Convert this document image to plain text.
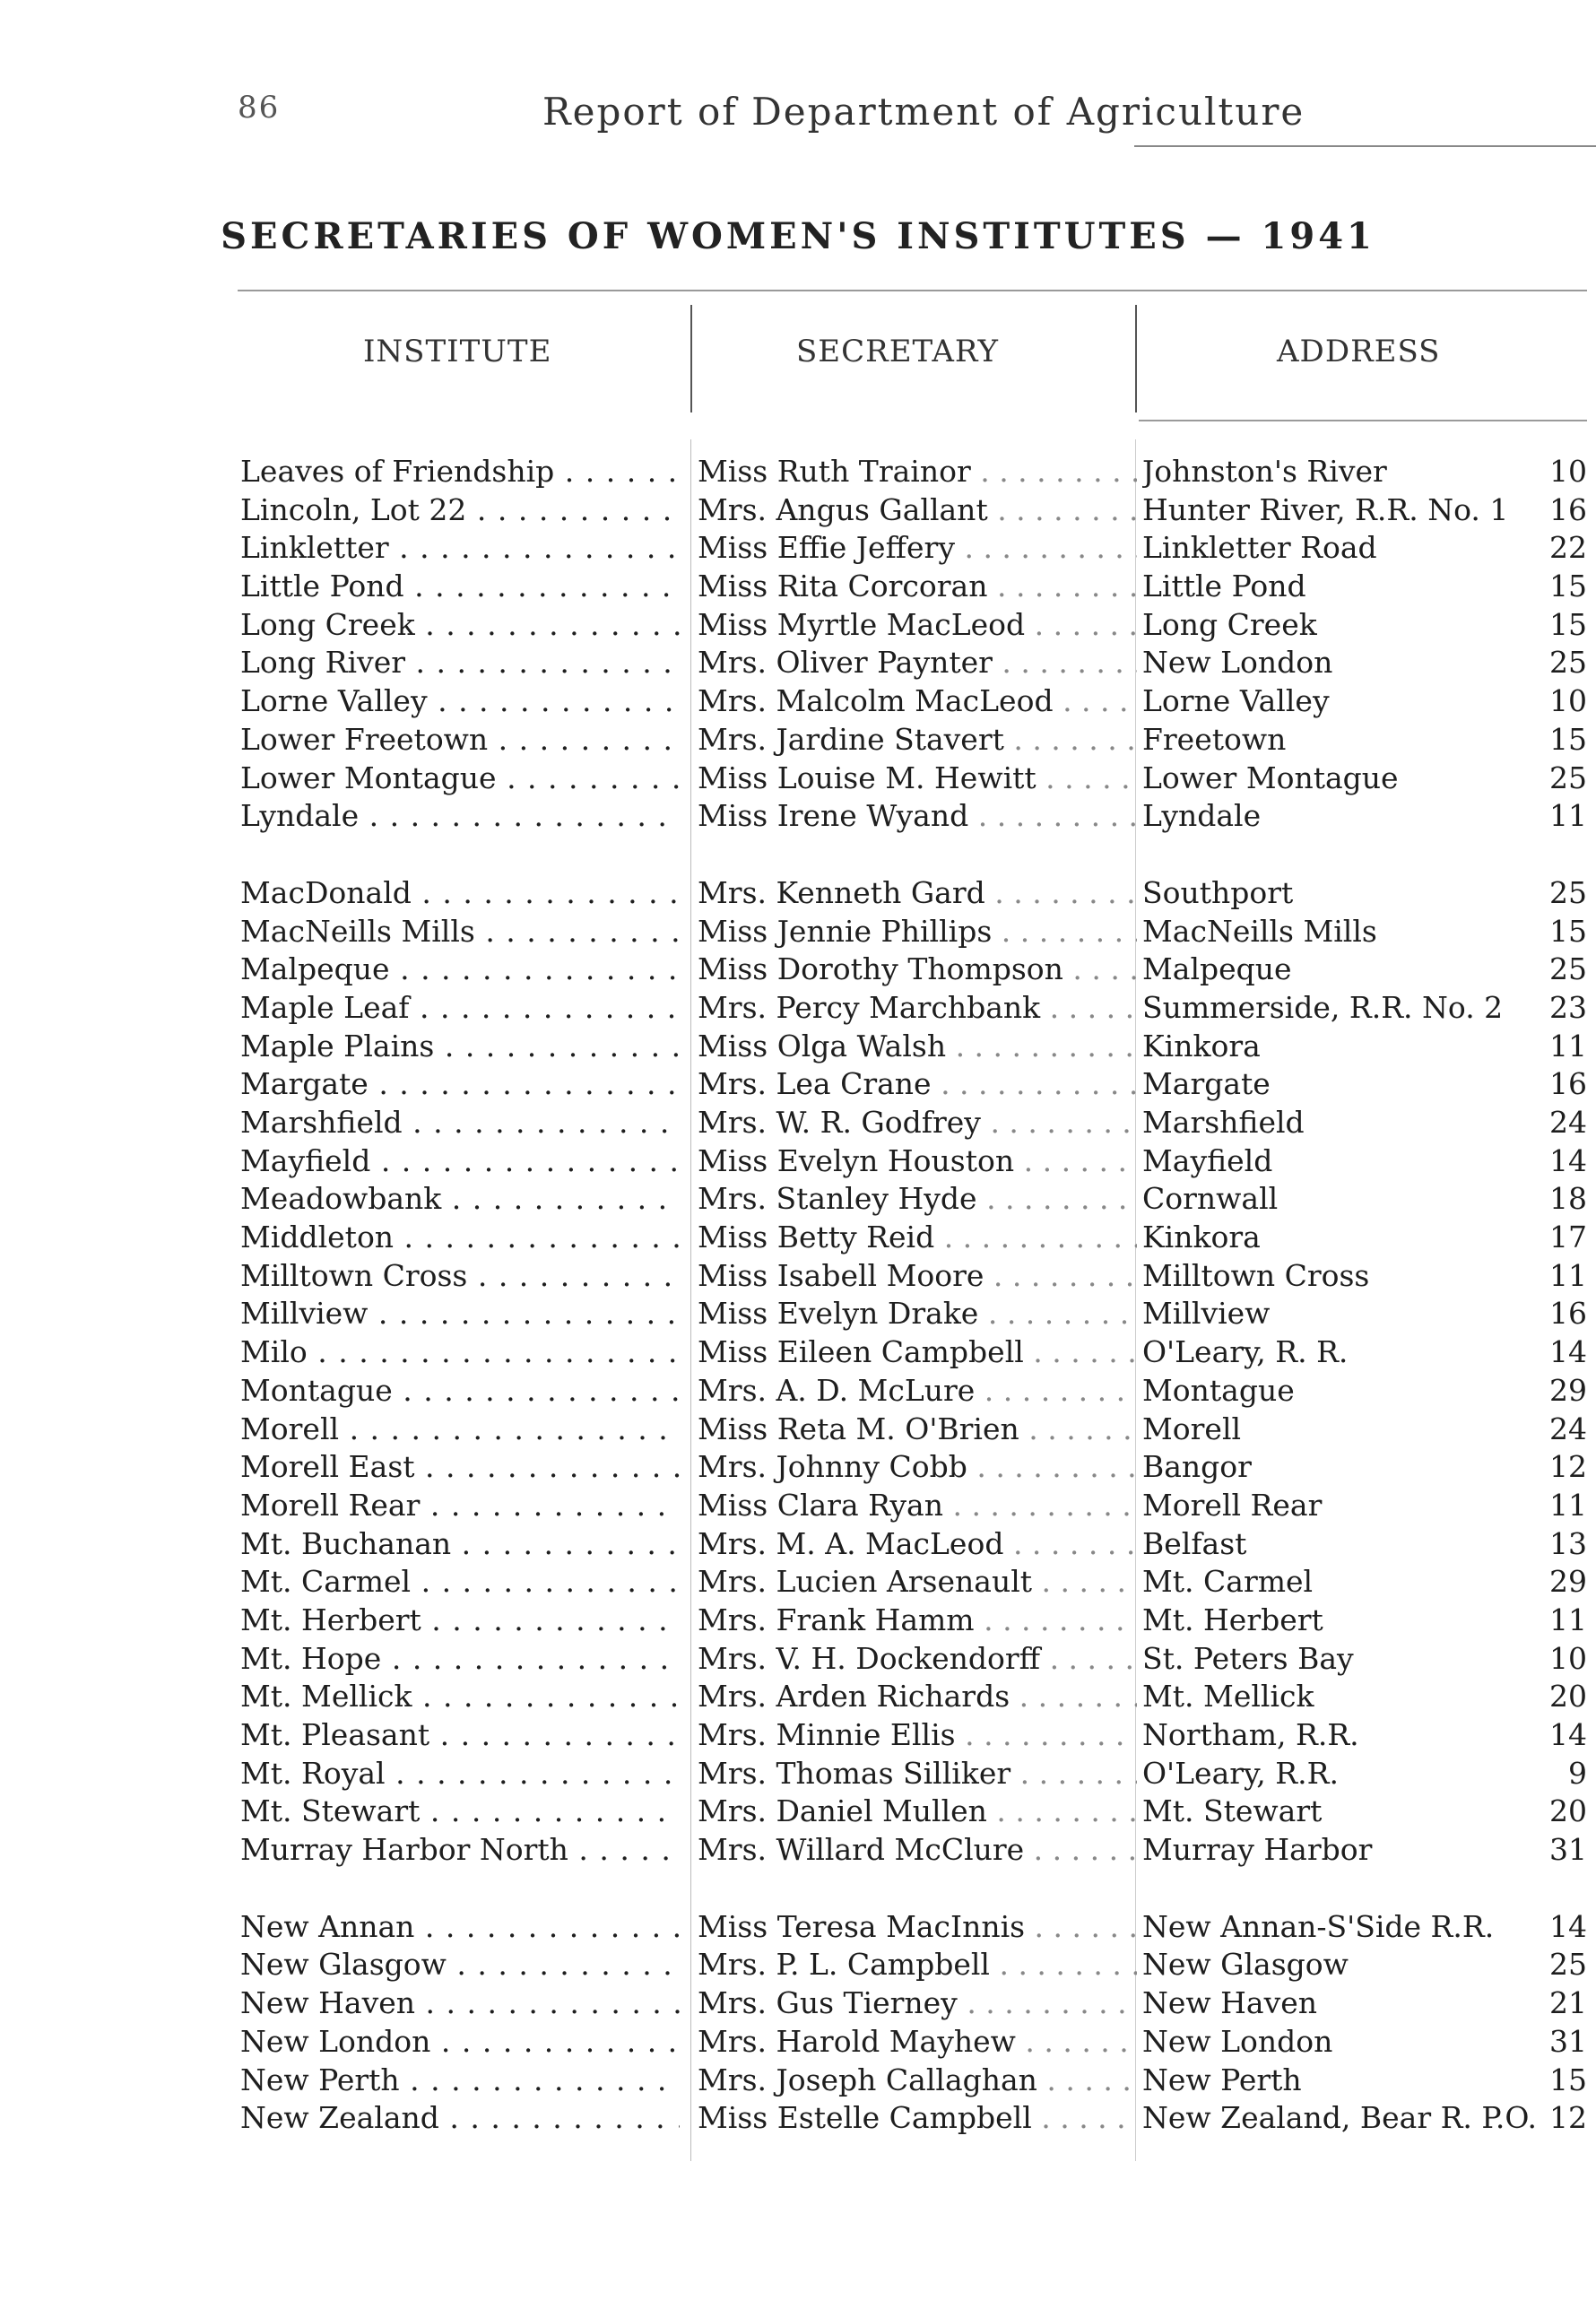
86	Report of Department of Agriculture
SECRETARIES OF WOMEN'S INSTITUTES — 1941
INSTITUTE	SECRETARY	ADDRESS
Leaves of Friendship . . .	Miss Ruth Trainor . . .	Johnston's River	10
Lincoln, Lot 22 . . .	Mrs. Angus Gallant . . .	Hunter River, R.R. No. 1	16
Linkletter . . .	Miss Effie Jeffery . . .	Linkletter Road	22
Little Pond . . .	Miss Rita Corcoran . . .	Little Pond	15
Long Creek . . .	Miss Myrtle MacLeod . . .	Long Creek	15
Long River . . .	Mrs. Oliver Paynter . . .	New London	25
Lorne Valley . . .	Mrs. Malcolm MacLeod . . .	Lorne Valley	10
Lower Freetown . . .	Mrs. Jardine Stavert . . .	Freetown	15
Lower Montague . . .	Miss Louise M. Hewitt . . .	Lower Montague	25
Lyndale . . .	Miss Irene Wyand . . .	Lyndale	11
MacDonald . . .	Mrs. Kenneth Gard . . .	Southport	25
MacNeills Mills . . .	Miss Jennie Phillips . . .	MacNeills Mills	15
Malpeque . . .	Miss Dorothy Thompson . . .	Malpeque	25
Maple Leaf . . .	Mrs. Percy Marchbank . . .	Summerside, R.R. No. 2	23
Maple Plains . . .	Miss Olga Walsh . . .	Kinkora	11
Margate . . .	Mrs. Lea Crane . . .	Margate	16
Marshfield . . .	Mrs. W. R. Godfrey . . .	Marshfield	24
Mayfield . . .	Miss Evelyn Houston . . .	Mayfield	14
Meadowbank . . .	Mrs. Stanley Hyde . . .	Cornwall	18
Middleton . . .	Miss Betty Reid . . .	Kinkora	17
Milltown Cross . . .	Miss Isabell Moore . . .	Milltown Cross	11
Millview . . .	Miss Evelyn Drake . . .	Millview	16
Milo . . .	Miss Eileen Campbell . . .	O'Leary, R. R.	14
Montague . . .	Mrs. A. D. McLure . . .	Montague	29
Morell . . .	Miss Reta M. O'Brien . . .	Morell	24
Morell East . . .	Mrs. Johnny Cobb . . .	Bangor	12
Morell Rear . . .	Miss Clara Ryan . . .	Morell Rear	11
Mt. Buchanan . . .	Mrs. M. A. MacLeod . . .	Belfast	13
Mt. Carmel . . .	Mrs. Lucien Arsenault . . .	Mt. Carmel	29
Mt. Herbert . . .	Mrs. Frank Hamm . . .	Mt. Herbert	11
Mt. Hope . . .	Mrs. V. H. Dockendorff . . .	St. Peters Bay	10
Mt. Mellick . . .	Mrs. Arden Richards . . .	Mt. Mellick	20
Mt. Pleasant . . .	Mrs. Minnie Ellis . . .	Northam, R.R.	14
Mt. Royal . . .	Mrs. Thomas Silliker . . .	O'Leary, R.R.	9
Mt. Stewart . . .	Mrs. Daniel Mullen . . .	Mt. Stewart	20
Murray Harbor North . . .	Mrs. Willard McClure . . .	Murray Harbor	31
New Annan . . .	Miss Teresa MacInnis . . .	New Annan-S'Side R.R.	14
New Glasgow . . .	Mrs. P. L. Campbell . . .	New Glasgow	25
New Haven . . .	Mrs. Gus Tierney . . .	New Haven	21
New London . . .	Mrs. Harold Mayhew . . .	New London	31
New Perth . . .	Mrs. Joseph Callaghan . . .	New Perth	15
New Zealand . . .	Miss Estelle Campbell . . .	New Zealand, Bear R. P.O. 12
